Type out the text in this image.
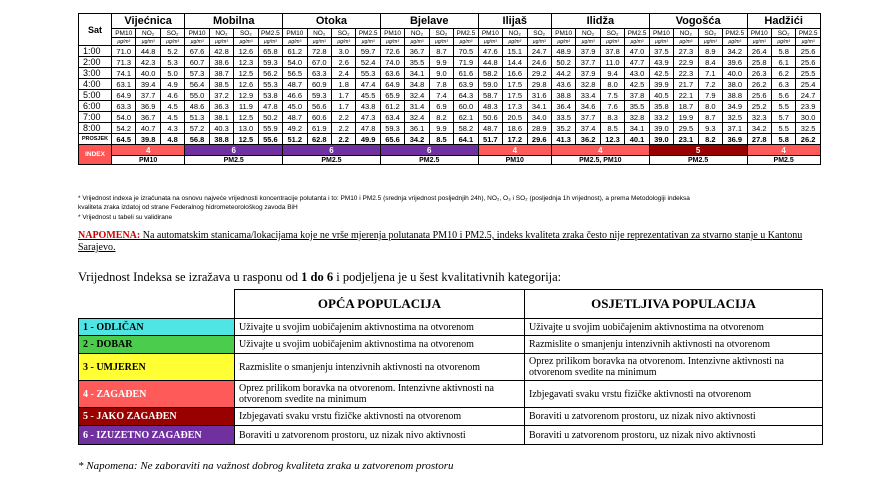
Sat	Vijećnica			Mobilna				Otoka				Bjelave				Ilijaš			Ilidža				Vogošća				Hadžići		
	PM10	NO₂	SO₂	PM10	NO₂	SO₂	PM2.5	PM10	NO₂	SO₂	PM2.5	PM10	NO₂	SO₂	PM2.5	PM10	NO₂	SO₂	PM10	NO₂	SO₂	PM2.5	PM10	NO₂	SO₂	PM2.5	PM10	SO₂	PM2.5
	µg/m³	µg/m³	µg/m³	µg/m³	µg/m³	µg/m³	µg/m³	µg/m³	µg/m³	µg/m³	µg/m³	µg/m³	µg/m³	µg/m³	µg/m³	µg/m³	µg/m³	µg/m³	µg/m³	µg/m³	µg/m³	µg/m³	µg/m³	µg/m³	µg/m³	µg/m³	µg/m³	µg/m³	µg/m³
1:00	71.0	44.8	5.2	67.6	42.8	12.6	65.8	61.2	72.8	3.0	59.7	72.6	36.7	8.7	70.5	47.6	15.1	24.7	48.9	37.9	37.8	47.0	37.5	27.3	8.9	34.2	26.4	5.8	25.6
2:00	71.3	42.3	5.3	60.7	38.6	12.3	59.3	54.0	67.0	2.6	52.4	74.0	35.5	9.9	71.9	44.8	14.4	24.6	50.2	37.7	11.0	47.7	43.9	22.9	8.4	39.6	25.8	6.1	25.6
3:00	74.1	40.0	5.0	57.3	38.7	12.5	56.2	56.5	63.3	2.4	55.3	63.6	34.1	9.0	61.6	58.2	16.6	29.2	44.2	37.9	9.4	43.0	42.5	22.3	7.1	40.0	26.3	6.2	25.5
4:00	63.1	39.4	4.9	56.4	38.5	12.6	55.3	48.7	60.9	1.8	47.4	64.9	34.8	7.8	63.9	59.0	17.5	29.8	43.6	32.8	8.0	42.5	39.9	21.7	7.2	38.0	26.2	6.3	25.4
5:00	64.9	37.7	4.6	55.0	37.2	12.9	53.8	46.6	59.3	1.7	45.5	65.9	32.4	7.4	64.3	58.7	17.5	31.6	38.8	33.4	7.5	37.8	40.5	22.1	7.9	38.8	25.6	5.6	24.7
6:00	63.3	36.9	4.5	48.6	36.3	11.9	47.8	45.0	56.6	1.7	43.8	61.2	31.4	6.9	60.0	48.3	17.3	34.1	36.4	34.6	7.6	35.5	35.8	18.7	8.0	34.9	25.2	5.5	23.9
7:00	54.0	36.7	4.5	51.3	38.1	12.5	50.2	48.7	60.6	2.2	47.3	63.4	32.4	8.2	62.1	50.6	20.5	34.0	33.5	37.7	8.3	32.8	33.2	19.9	8.7	32.5	32.3	5.7	30.0
8:00	54.2	40.7	4.3	57.2	40.3	13.0	55.9	49.2	61.9	2.2	47.8	59.3	36.1	9.9	58.2	48.7	18.6	28.9	35.2	37.4	8.5	34.1	39.0	29.5	9.3	37.1	34.2	5.5	32.5
PROSJEK	64.5	39.8	4.8	56.8	38.8	12.5	55.6	51.2	62.8	2.2	49.9	65.6	34.2	8.5	64.1	51.7	17.2	29.6	41.3	36.2	12.3	40.1	39.0	23.1	8.2	36.9	27.8	5.8	26.2
INDEX	4			6				6				6				4			4				5				4		
	PM10			PM2.5				PM2.5				PM2.5				PM10			PM2.5, PM10				PM2.5				PM2.5		
* Vrijednost indexa je izračunata na osnovu najveće vrijednosti koncentracije polutanta i to: PM10 i PM2.5 (srednja vrijednost posljednjih 24h), NO₂, O₃ i SO₂ (posljednja 1h vrijednost), a prema Metodologiji indeksa
kvaliteta zraka izdatoj od strane Federalnog hidrometeorološkog zavoda BiH
* Vrijednost u tabeli su validirane
NAPOMENA: Na automatskim stanicama/lokacijama koje ne vrše mjerenja polutanata PM10 i PM2.5, indeks kvaliteta zraka često nije reprezentativan za stvarno stanje u Kantonu Sarajevo.
Vrijednost Indeksa se izražava u rasponu od 1 do 6 i podjeljena je u šest kvalitativnih kategorija:
	OPĆA POPULACIJA	OSJETLJIVA POPULACIJA
1 - ODLIČAN	Uživajte u svojim uobičajenim aktivnostima na otvorenom	Uživajte u svojim uobičajenim aktivnostima na otvorenom
2 - DOBAR	Uživajte u svojim uobičajenim aktivnostima na otvorenom	Razmislite o smanjenju intenzivnih aktivnosti na otvorenom
3 - UMJEREN	Razmislite o smanjenju intenzivnih aktivnosti na otvorenom	Oprez prilikom boravka na otvorenom. Intenzivne aktivnosti na otvorenom svedite na minimum
4 - ZAGAĐEN	Oprez prilikom boravka na otvorenom. Intenzivne aktivnosti na otvorenom svedite na minimum	Izbjegavati svaku vrstu fizičke aktivnosti na otvorenom
5 - JAKO ZAGAĐEN	Izbjegavati svaku vrstu fizičke aktivnosti na otvorenom	Boraviti u zatvorenom prostoru, uz nizak nivo aktivnosti
6 - IZUZETNO ZAGAĐEN	Boraviti u zatvorenom prostoru, uz nizak nivo aktivnosti	Boraviti u zatvorenom prostoru, uz nizak nivo aktivnosti
* Napomena: Ne zaboraviti na važnost dobrog kvaliteta zraka u zatvorenom prostoru
